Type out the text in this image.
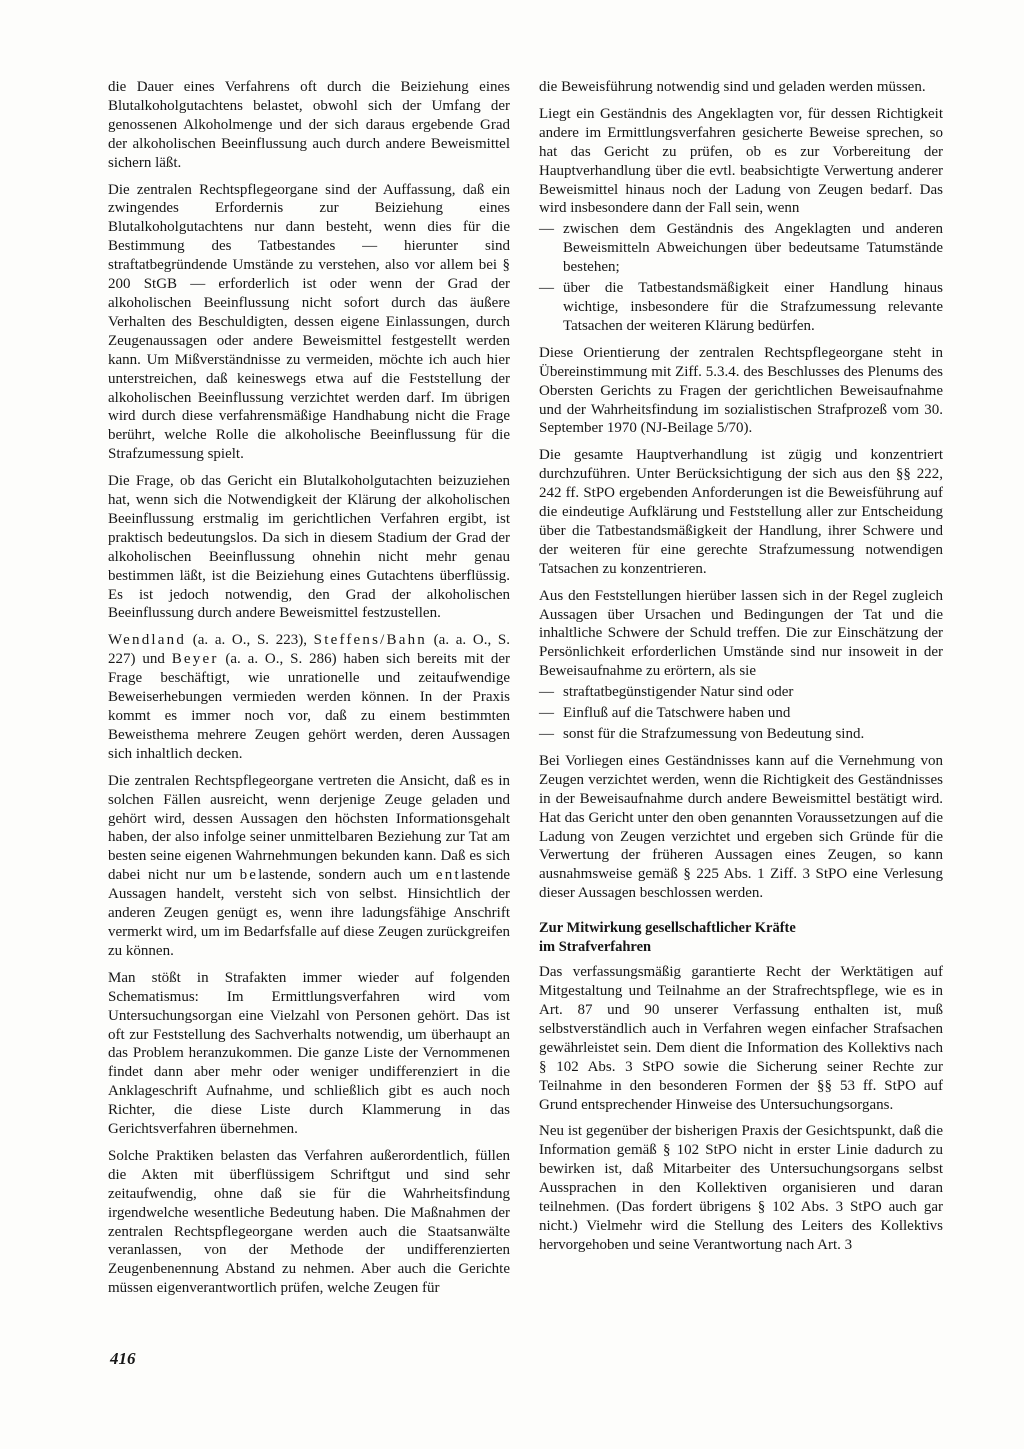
die Dauer eines Verfahrens oft durch die Beiziehung eines Blutalkoholgutachtens belastet, obwohl sich der Umfang der genossenen Alkoholmenge und der sich daraus ergebende Grad der alkoholischen Beeinflussung auch durch andere Beweismittel sichern läßt.

Die zentralen Rechtspflegeorgane sind der Auffassung, daß ein zwingendes Erfordernis zur Beiziehung eines Blutalkoholgutachtens nur dann besteht, wenn dies für die Bestimmung des Tatbestandes — hierunter sind straftatbegründende Umstände zu verstehen, also vor allem bei § 200 StGB — erforderlich ist oder wenn der Grad der alkoholischen Beeinflussung nicht sofort durch das äußere Verhalten des Beschuldigten, dessen eigene Einlassungen, durch Zeugenaussagen oder andere Beweismittel festgestellt werden kann. Um Mißverständnisse zu vermeiden, möchte ich auch hier unterstreichen, daß keineswegs etwa auf die Feststellung der alkoholischen Beeinflussung verzichtet werden darf. Im übrigen wird durch diese verfahrensmäßige Handhabung nicht die Frage berührt, welche Rolle die alkoholische Beeinflussung für die Strafzumessung spielt.

Die Frage, ob das Gericht ein Blutalkoholgutachten beizuziehen hat, wenn sich die Notwendigkeit der Klärung der alkoholischen Beeinflussung erstmalig im gerichtlichen Verfahren ergibt, ist praktisch bedeutungslos. Da sich in diesem Stadium der Grad der alkoholischen Beeinflussung ohnehin nicht mehr genau bestimmen läßt, ist die Beiziehung eines Gutachtens überflüssig. Es ist jedoch notwendig, den Grad der alkoholischen Beeinflussung durch andere Beweismittel festzustellen.

Wendland (a. a. O., S. 223), Steffens/Bahn (a. a. O., S. 227) und Beyer (a. a. O., S. 286) haben sich bereits mit der Frage beschäftigt, wie unrationelle und zeitaufwendige Beweiserhebungen vermieden werden können. In der Praxis kommt es immer noch vor, daß zu einem bestimmten Beweisthema mehrere Zeugen gehört werden, deren Aussagen sich inhaltlich decken.

Die zentralen Rechtspflegeorgane vertreten die Ansicht, daß es in solchen Fällen ausreicht, wenn derjenige Zeuge geladen und gehört wird, dessen Aussagen den höchsten Informationsgehalt haben, der also infolge seiner unmittelbaren Beziehung zur Tat am besten seine eigenen Wahrnehmungen bekunden kann. Daß es sich dabei nicht nur um belastende, sondern auch um entlastende Aussagen handelt, versteht sich von selbst. Hinsichtlich der anderen Zeugen genügt es, wenn ihre ladungsfähige Anschrift vermerkt wird, um im Bedarfsfalle auf diese Zeugen zurückgreifen zu können.

Man stößt in Strafakten immer wieder auf folgenden Schematismus: Im Ermittlungsverfahren wird vom Untersuchungsorgan eine Vielzahl von Personen gehört. Das ist oft zur Feststellung des Sachverhalts notwendig, um überhaupt an das Problem heranzukommen. Die ganze Liste der Vernommenen findet dann aber mehr oder weniger undifferenziert in die Anklageschrift Aufnahme, und schließlich gibt es auch noch Richter, die diese Liste durch Klammerung in das Gerichtsverfahren übernehmen.

Solche Praktiken belasten das Verfahren außerordentlich, füllen die Akten mit überflüssigem Schriftgut und sind sehr zeitaufwendig, ohne daß sie für die Wahrheitsfindung irgendwelche wesentliche Bedeutung haben. Die Maßnahmen der zentralen Rechtspflegeorgane werden auch die Staatsanwälte veranlassen, von der Methode der undifferenzierten Zeugenbenennung Abstand zu nehmen. Aber auch die Gerichte müssen eigenverantwortlich prüfen, welche Zeugen für

die Beweisführung notwendig sind und geladen werden müssen.

Liegt ein Geständnis des Angeklagten vor, für dessen Richtigkeit andere im Ermittlungsverfahren gesicherte Beweise sprechen, so hat das Gericht zu prüfen, ob es zur Vorbereitung der Hauptverhandlung über die evtl. beabsichtigte Verwertung anderer Beweismittel hinaus noch der Ladung von Zeugen bedarf. Das wird insbesondere dann der Fall sein, wenn

— zwischen dem Geständnis des Angeklagten und anderen Beweismitteln Abweichungen über bedeutsame Tatumstände bestehen;
— über die Tatbestandsmäßigkeit einer Handlung hinaus wichtige, insbesondere für die Strafzumessung relevante Tatsachen der weiteren Klärung bedürfen.

Diese Orientierung der zentralen Rechtspflegeorgane steht in Übereinstimmung mit Ziff. 5.3.4. des Beschlusses des Plenums des Obersten Gerichts zu Fragen der gerichtlichen Beweisaufnahme und der Wahrheitsfindung im sozialistischen Strafprozeß vom 30. September 1970 (NJ-Beilage 5/70).

Die gesamte Hauptverhandlung ist zügig und konzentriert durchzuführen. Unter Berücksichtigung der sich aus den §§ 222, 242 ff. StPO ergebenden Anforderungen ist die Beweisführung auf die eindeutige Aufklärung und Feststellung aller zur Entscheidung über die Tatbestandsmäßigkeit der Handlung, ihrer Schwere und der weiteren für eine gerechte Strafzumessung notwendigen Tatsachen zu konzentrieren.

Aus den Feststellungen hierüber lassen sich in der Regel zugleich Aussagen über Ursachen und Bedingungen der Tat und die inhaltliche Schwere der Schuld treffen. Die zur Einschätzung der Persönlichkeit erforderlichen Umstände sind nur insoweit in der Beweisaufnahme zu erörtern, als sie

— straftatbegünstigender Natur sind oder
— Einfluß auf die Tatschwere haben und
— sonst für die Strafzumessung von Bedeutung sind.

Bei Vorliegen eines Geständnisses kann auf die Vernehmung von Zeugen verzichtet werden, wenn die Richtigkeit des Geständnisses in der Beweisaufnahme durch andere Beweismittel bestätigt wird. Hat das Gericht unter den oben genannten Voraussetzungen auf die Ladung von Zeugen verzichtet und ergeben sich Gründe für die Verwertung der früheren Aussagen eines Zeugen, so kann ausnahmsweise gemäß § 225 Abs. 1 Ziff. 3 StPO eine Verlesung dieser Aussagen beschlossen werden.

Zur Mitwirkung gesellschaftlicher Kräfte
im Strafverfahren

Das verfassungsmäßig garantierte Recht der Werktätigen auf Mitgestaltung und Teilnahme an der Strafrechtspflege, wie es in Art. 87 und 90 unserer Verfassung enthalten ist, muß selbstverständlich auch in Verfahren wegen einfacher Strafsachen gewährleistet sein. Dem dient die Information des Kollektivs nach § 102 Abs. 3 StPO sowie die Sicherung seiner Rechte zur Teilnahme in den besonderen Formen der §§ 53 ff. StPO auf Grund entsprechender Hinweise des Untersuchungsorgans.

Neu ist gegenüber der bisherigen Praxis der Gesichtspunkt, daß die Information gemäß § 102 StPO nicht in erster Linie dadurch zu bewirken ist, daß Mitarbeiter des Untersuchungsorgans selbst Aussprachen in den Kollektiven organisieren und daran teilnehmen. (Das fordert übrigens § 102 Abs. 3 StPO auch gar nicht.) Vielmehr wird die Stellung des Leiters des Kollektivs hervorgehoben und seine Verantwortung nach Art. 3

416
